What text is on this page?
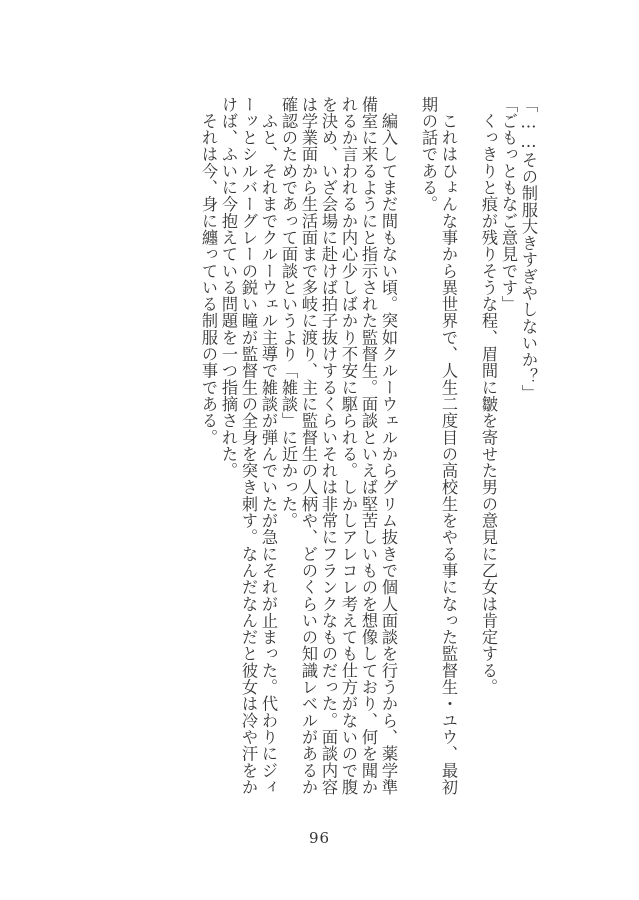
「……その制服大きすぎやしないか？」
「ごもっともなご意見です」
　くっきりと痕が残りそうな程、眉間に皺を寄せた男の意見に乙女は肯定する。
　これはひょんな事から異世界で、人生二度目の高校生をやる事になった監督生・ユウ、最初
期の話である。
　編入してまだ間もない頃。突如クルーウェルからグリム抜きで個人面談を行うから、薬学準
備室に来るようにと指示された監督生。面談といえば堅苦しいものを想像しており、何を聞か
れるか言われるか内心少しばかり不安に駆られる。しかしアレコレ考えても仕方がないので腹
を決め、いざ会場に赴けば拍子抜けするくらいそれは非常にフランクなものだった。面談内容
は学業面から生活面まで多岐に渡り、主に監督生の人柄や、どのくらいの知識レベルがあるか
確認のためであって面談というより「雑談」に近かった。
　ふと、それまでクルーウェル主導で雑談が弾んでいたが急にそれが止まった。代わりにジィ
ーッとシルバーグレーの鋭い瞳が監督生の全身を突き刺す。なんだなんだと彼女は冷や汗をか
けば、ふいに今抱えている問題を一つ指摘された。
　それは今、身に纏っている制服の事である。
96
